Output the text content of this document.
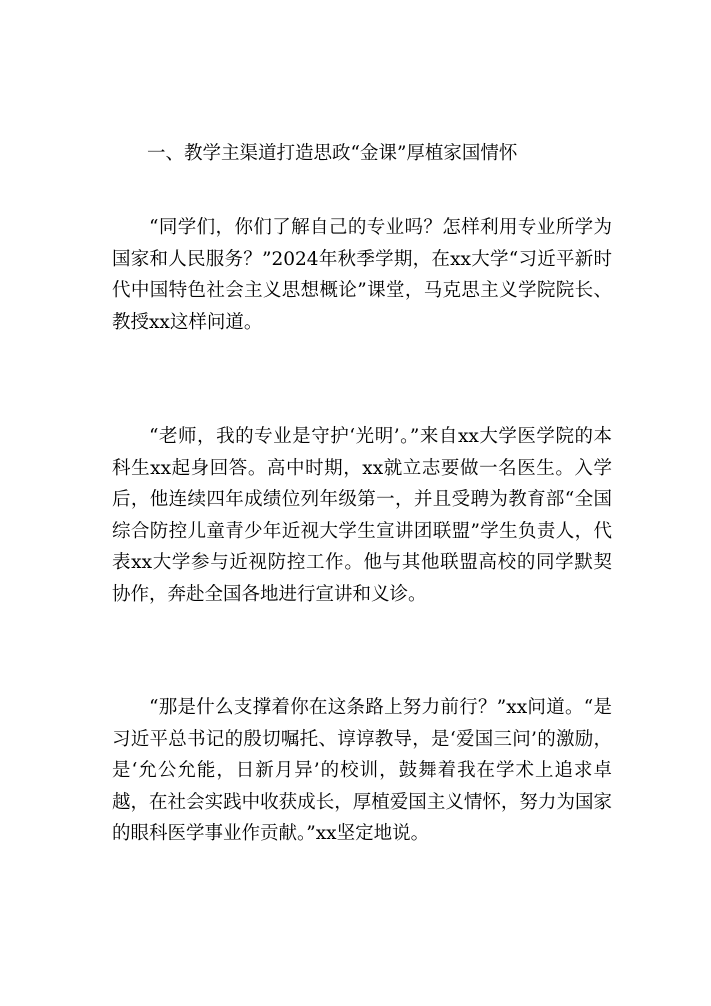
一、教学主渠道打造思政“金课”厚植家国情怀

“同学们，你们了解自己的专业吗？怎样利用专业所学为国家和人民服务？”2024年秋季学期，在xx大学“习近平新时代中国特色社会主义思想概论”课堂，马克思主义学院院长、教授xx这样问道。

“老师，我的专业是守护‘光明’。”来自xx大学医学院的本科生xx起身回答。高中时期，xx就立志要做一名医生。入学后，他连续四年成绩位列年级第一，并且受聘为教育部“全国综合防控儿童青少年近视大学生宣讲团联盟”学生负责人，代表xx大学参与近视防控工作。他与其他联盟高校的同学默契协作，奔赴全国各地进行宣讲和义诊。

“那是什么支撑着你在这条路上努力前行？”xx问道。“是习近平总书记的殷切嘱托、谆谆教导，是‘爱国三问’的激励，是‘允公允能，日新月异’的校训，鼓舞着我在学术上追求卓越，在社会实践中收获成长，厚植爱国主义情怀，努力为国家的眼科医学事业作贡献。”xx坚定地说。
